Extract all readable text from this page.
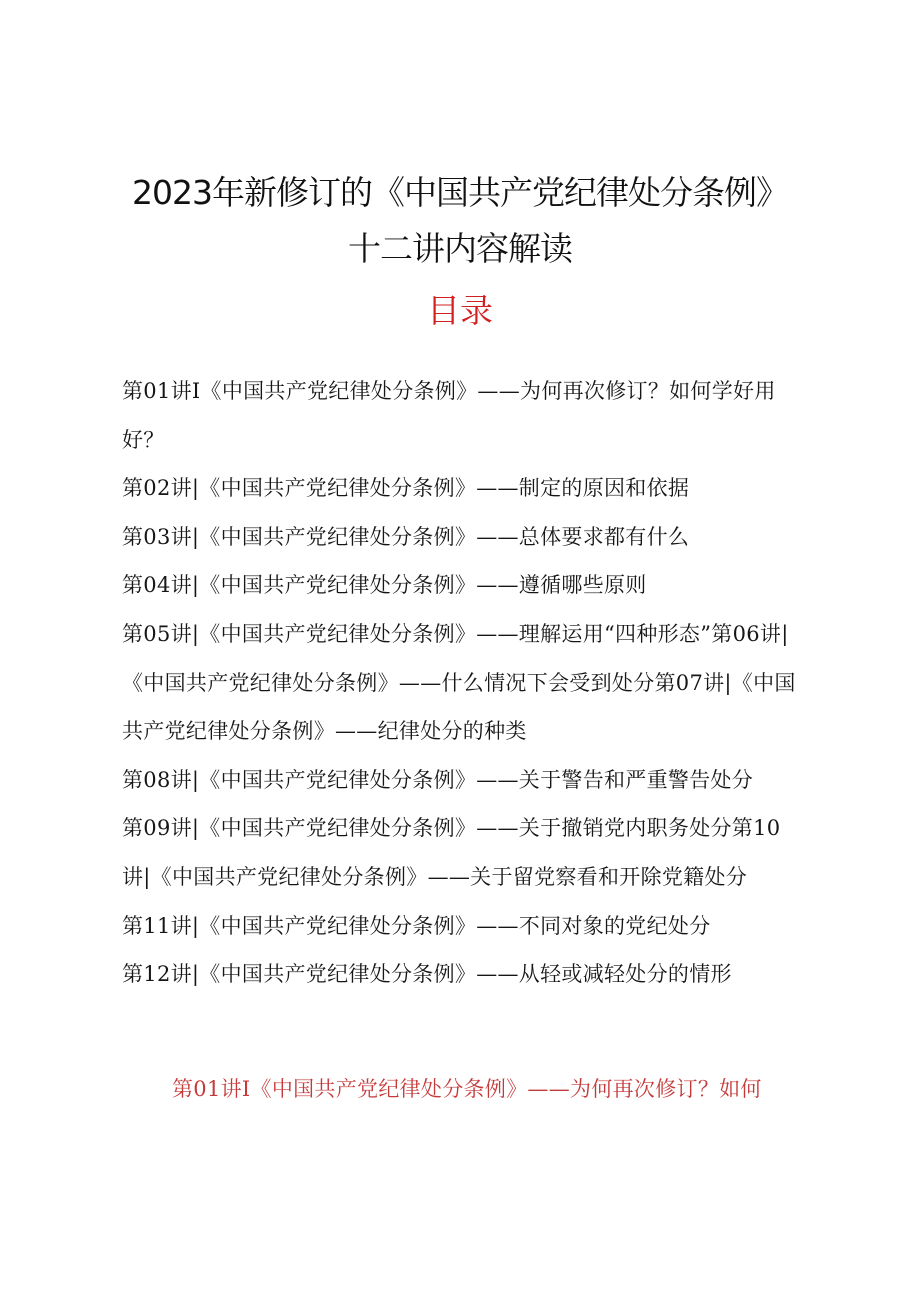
2023年新修订的《中国共产党纪律处分条例》
十二讲内容解读
目录
第01讲I《中国共产党纪律处分条例》——为何再次修订？如何学好用好？
第02讲|《中国共产党纪律处分条例》——制定的原因和依据
第03讲|《中国共产党纪律处分条例》——总体要求都有什么
第04讲|《中国共产党纪律处分条例》——遵循哪些原则
第05讲|《中国共产党纪律处分条例》——理解运用“四种形态”第06讲|《中国共产党纪律处分条例》——什么情况下会受到处分第07讲|《中国共产党纪律处分条例》——纪律处分的种类
第08讲|《中国共产党纪律处分条例》——关于警告和严重警告处分
第09讲|《中国共产党纪律处分条例》——关于撤销党内职务处分第10讲|《中国共产党纪律处分条例》——关于留党察看和开除党籍处分
第11讲|《中国共产党纪律处分条例》——不同对象的党纪处分
第12讲|《中国共产党纪律处分条例》——从轻或减轻处分的情形
第01讲I《中国共产党纪律处分条例》——为何再次修订？如何
